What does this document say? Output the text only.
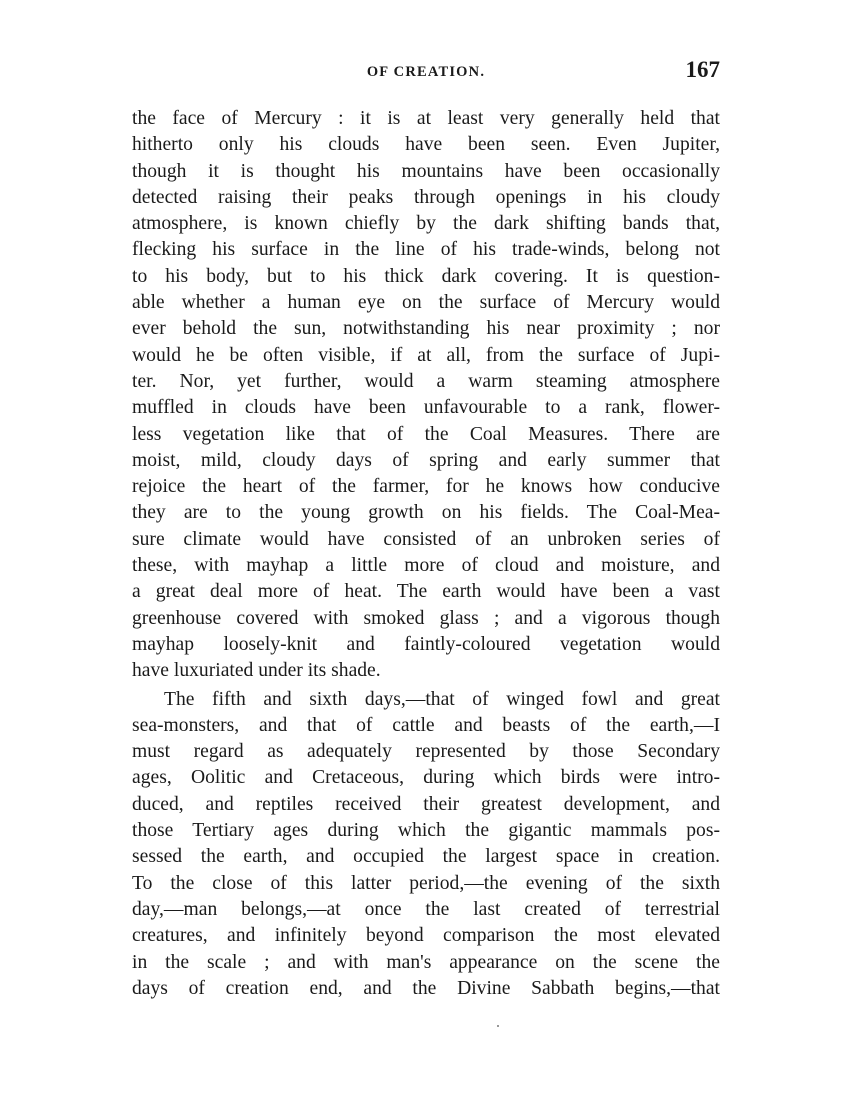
OF CREATION.	167
the face of Mercury : it is at least very generally held that
hitherto only his clouds have been seen. Even Jupiter,
though it is thought his mountains have been occasionally
detected raising their peaks through openings in his cloudy
atmosphere, is known chiefly by the dark shifting bands that,
flecking his surface in the line of his trade-winds, belong not
to his body, but to his thick dark covering. It is question-
able whether a human eye on the surface of Mercury would
ever behold the sun, notwithstanding his near proximity ; nor
would he be often visible, if at all, from the surface of Jupi-
ter. Nor, yet further, would a warm steaming atmosphere
muffled in clouds have been unfavourable to a rank, flower-
less vegetation like that of the Coal Measures. There are
moist, mild, cloudy days of spring and early summer that
rejoice the heart of the farmer, for he knows how conducive
they are to the young growth on his fields. The Coal-Mea-
sure climate would have consisted of an unbroken series of
these, with mayhap a little more of cloud and moisture, and
a great deal more of heat. The earth would have been a vast
greenhouse covered with smoked glass ; and a vigorous though
mayhap loosely-knit and faintly-coloured vegetation would
have luxuriated under its shade.
The fifth and sixth days,—that of winged fowl and great
sea-monsters, and that of cattle and beasts of the earth,—I
must regard as adequately represented by those Secondary
ages, Oolitic and Cretaceous, during which birds were intro-
duced, and reptiles received their greatest development, and
those Tertiary ages during which the gigantic mammals pos-
sessed the earth, and occupied the largest space in creation.
To the close of this latter period,—the evening of the sixth
day,—man belongs,—at once the last created of terrestrial
creatures, and infinitely beyond comparison the most elevated
in the scale ; and with man's appearance on the scene the
days of creation end, and the Divine Sabbath begins,—that
